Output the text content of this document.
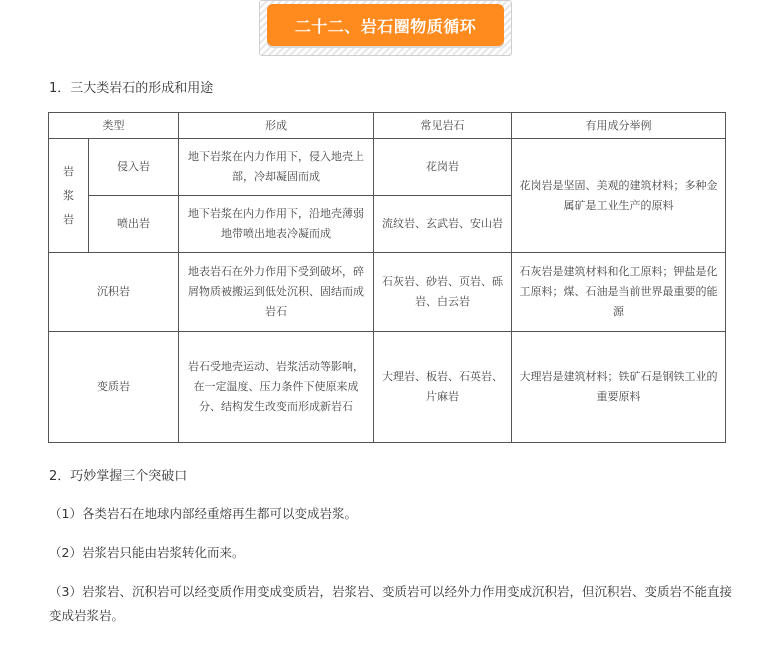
二十二、岩石圈物质循环
1．三大类岩石的形成和用途
类型		形成	常见岩石	有用成分举例

岩
浆
岩	侵入岩	地下岩浆在内力作用下，侵入地壳上部，冷却凝固而成	花岗岩	花岗岩是坚固、美观的建筑材料；多种金属矿是工业生产的原料
	喷出岩	地下岩浆在内力作用下，沿地壳薄弱地带喷出地表冷凝而成	流纹岩、玄武岩、安山岩	
沉积岩		地表岩石在外力作用下受到破坏，碎屑物质被搬运到低处沉积、固结而成岩石	石灰岩、砂岩、页岩、砾岩、白云岩	石灰岩是建筑材料和化工原料；钾盐是化工原料；煤、石油是当前世界最重要的能源
变质岩		岩石受地壳运动、岩浆活动等影响，在一定温度、压力条件下使原来成分、结构发生改变而形成新岩石	大理岩、板岩、石英岩、片麻岩	大理岩是建筑材料；铁矿石是钢铁工业的重要原料
2．巧妙掌握三个突破口
（1）各类岩石在地球内部经重熔再生都可以变成岩浆。
（2）岩浆岩只能由岩浆转化而来。
（3）岩浆岩、沉积岩可以经变质作用变成变质岩，岩浆岩、变质岩可以经外力作用变成沉积岩，但沉积岩、变质岩不能直接变成岩浆岩。
